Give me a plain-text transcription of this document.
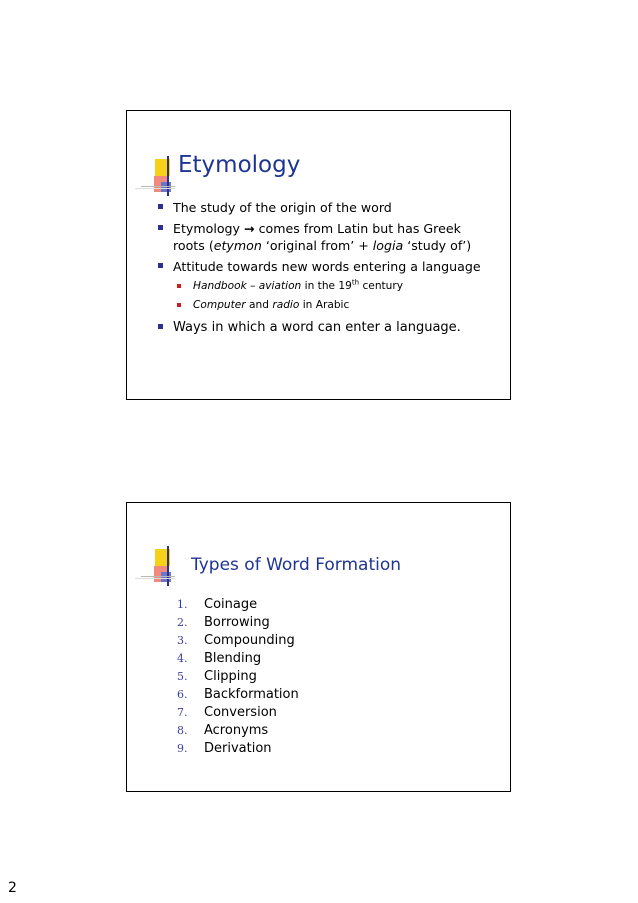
Etymology
The study of the origin of the word
Etymology → comes from Latin but has Greek
roots (etymon ‘original from’ + logia ‘study of’)
Attitude towards new words entering a language
Handbook – aviation in the 19th century
Computer and radio in Arabic
Ways in which a word can enter a language.
Types of Word Formation
1.	Coinage
2.	Borrowing
3.	Compounding
4.	Blending
5.	Clipping
6.	Backformation
7.	Conversion
8.	Acronyms
9.	Derivation
2
